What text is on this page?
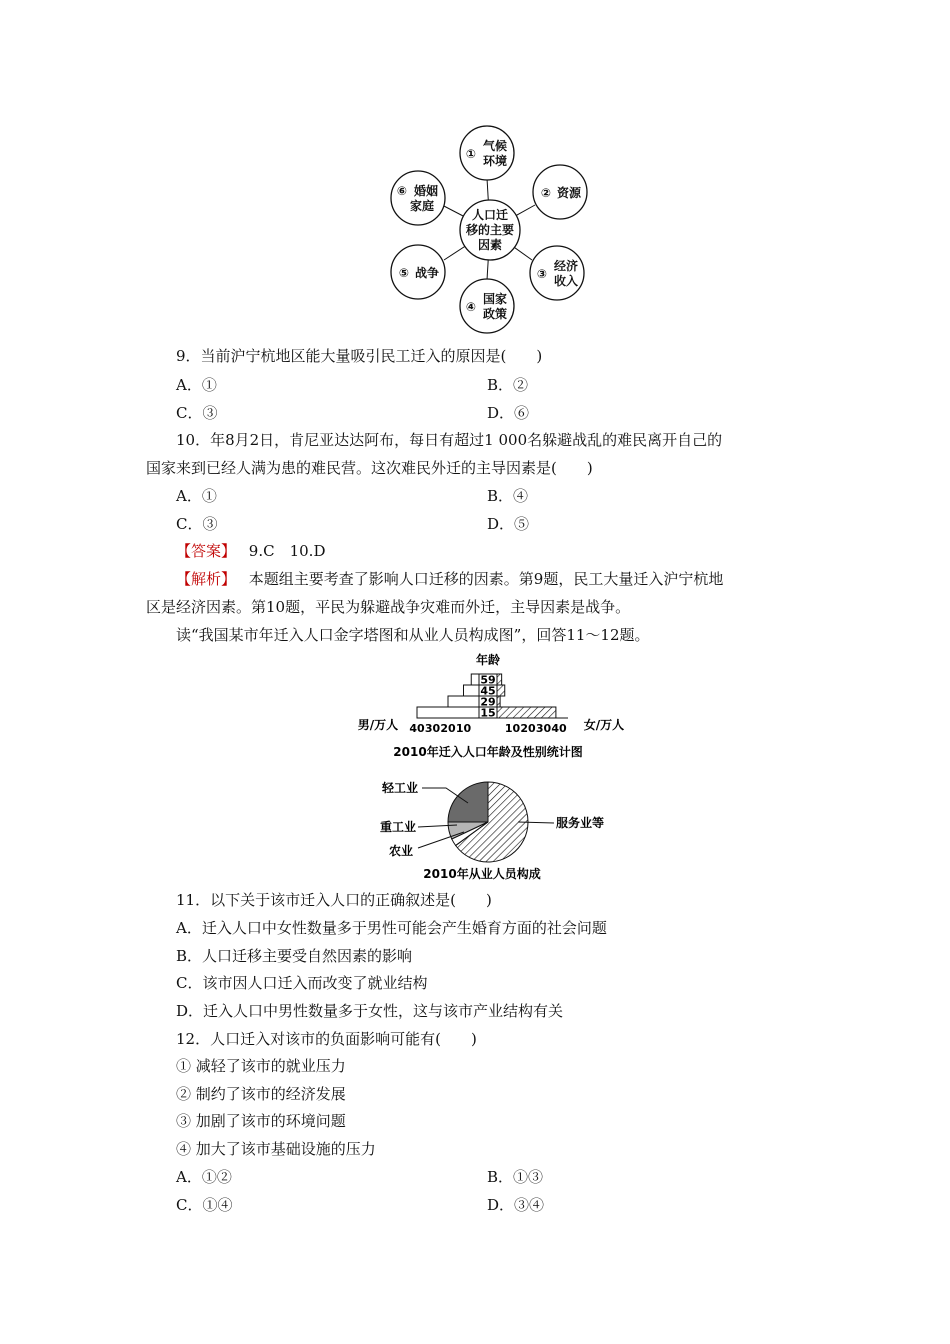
人口迁
移的主要
因素
①
气候
环境
② 资源
③
经济
收入
④
国家
政策
⑤ 战争
⑥ 婚姻
家庭
9．当前沪宁杭地区能大量吸引民工迁入的原因是(　　)
A．①	B．②
C．③	D．⑥
10．年8月2日，肯尼亚达达阿布，每日有超过1 000名躲避战乱的难民离开自己的
国家来到已经人满为患的难民营。这次难民外迁的主导因素是(　　)
A．①	B．④
C．③	D．⑤
【答案】 9.C　10.D
【解析】 本题组主要考查了影响人口迁移的因素。第9题，民工大量迁入沪宁杭地
区是经济因素。第10题，平民为躲避战争灾难而外迁，主导因素是战争。
读“我国某市年迁入人口金字塔图和从业人员构成图”，回答11～12题。
年龄
15
29
45
59
男/万人	女/万人
40 30 20 10	10 20 30 40
2010年迁入人口年龄及性别统计图
轻工业
重工业
农业
服务业等
2010年从业人员构成
11．以下关于该市迁入人口的正确叙述是(　　)
A．迁入人口中女性数量多于男性可能会产生婚育方面的社会问题
B．人口迁移主要受自然因素的影响
C．该市因人口迁入而改变了就业结构
D．迁入人口中男性数量多于女性，这与该市产业结构有关
12．人口迁入对该市的负面影响可能有(　　)
① 减轻了该市的就业压力
② 制约了该市的经济发展
③ 加剧了该市的环境问题
④ 加大了该市基础设施的压力
A．①②	B．①③
C．①④	D．③④
